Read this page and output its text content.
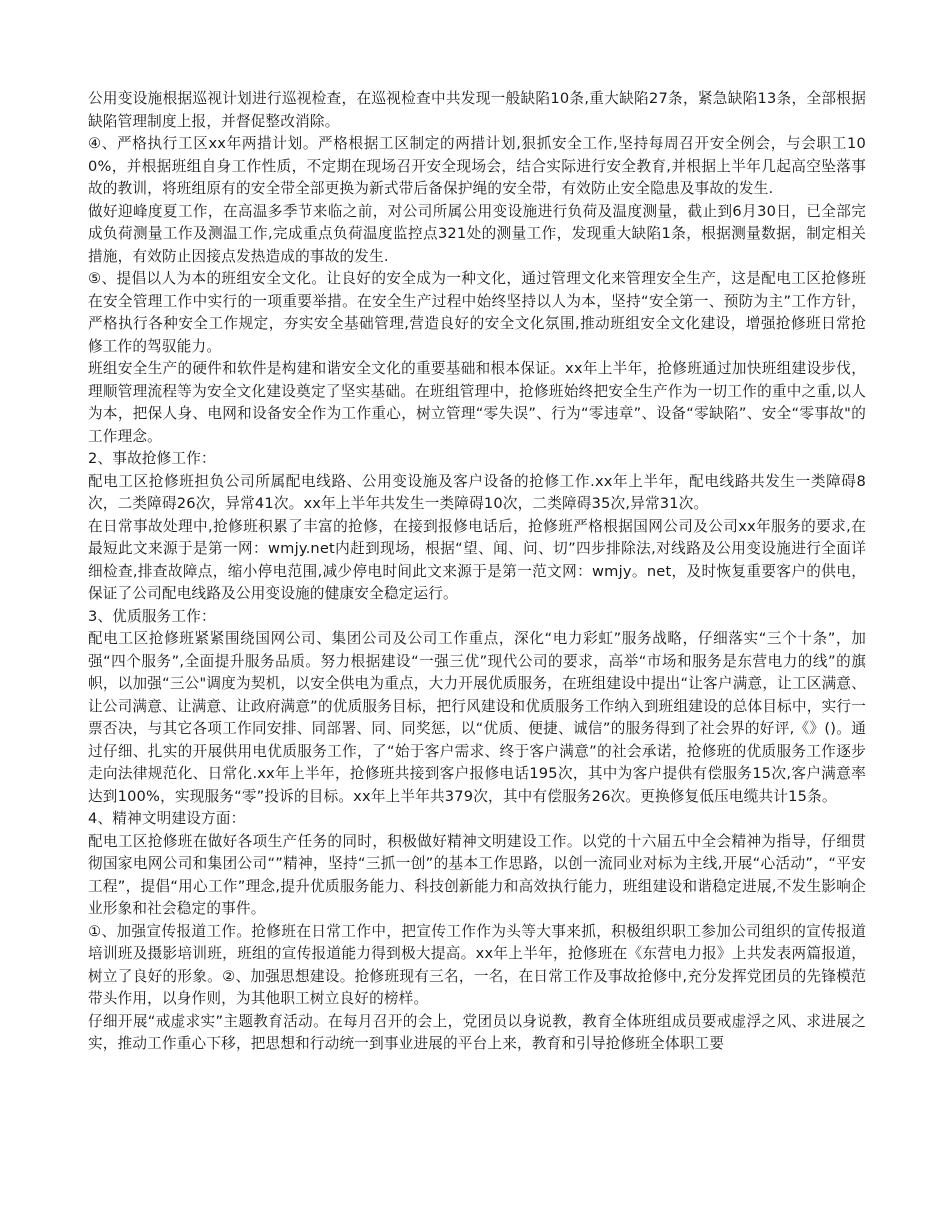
公用变设施根据巡视计划进行巡视检查，在巡视检查中共发现一般缺陷10条,重大缺陷27条，紧急缺陷13条，全部根据缺陷管理制度上报，并督促整改消除。

④、严格执行工区xx年两措计划。严格根据工区制定的两措计划,狠抓安全工作,坚持每周召开安全例会，与会职工100%，并根据班组自身工作性质，不定期在现场召开安全现场会，结合实际进行安全教育,并根据上半年几起高空坠落事故的教训，将班组原有的安全带全部更换为新式带后备保护绳的安全带，有效防止安全隐患及事故的发生.

做好迎峰度夏工作，在高温多季节来临之前，对公司所属公用变设施进行负荷及温度测量，截止到6月30日，已全部完成负荷测量工作及测温工作,完成重点负荷温度监控点321处的测量工作，发现重大缺陷1条，根据测量数据，制定相关措施，有效防止因接点发热造成的事故的发生.

⑤、提倡以人为本的班组安全文化。让良好的安全成为一种文化，通过管理文化来管理安全生产，这是配电工区抢修班在安全管理工作中实行的一项重要举措。在安全生产过程中始终坚持以人为本，坚持“安全第一、预防为主”工作方针，严格执行各种安全工作规定，夯实安全基础管理,营造良好的安全文化氛围,推动班组安全文化建设，增强抢修班日常抢修工作的驾驭能力。

班组安全生产的硬件和软件是构建和谐安全文化的重要基础和根本保证。xx年上半年，抢修班通过加快班组建设步伐，理顺管理流程等为安全文化建设奠定了坚实基础。在班组管理中，抢修班始终把安全生产作为一切工作的重中之重,以人为本，把保人身、电网和设备安全作为工作重心，树立管理“零失误”、行为“零违章”、设备“零缺陷”、安全“零事故"的工作理念。

2、事故抢修工作：

配电工区抢修班担负公司所属配电线路、公用变设施及客户设备的抢修工作.xx年上半年，配电线路共发生一类障碍8次，二类障碍26次，异常41次。xx年上半年共发生一类障碍10次，二类障碍35次,异常31次。

在日常事故处理中,抢修班积累了丰富的抢修，在接到报修电话后，抢修班严格根据国网公司及公司xx年服务的要求,在最短此文来源于是第一网：wmjy.net内赶到现场，根据“望、闻、问、切”四步排除法,对线路及公用变设施进行全面详细检查,排查故障点，缩小停电范围,减少停电时间此文来源于是第一范文网：wmjy。net，及时恢复重要客户的供电，保证了公司配电线路及公用变设施的健康安全稳定运行。

3、优质服务工作：

配电工区抢修班紧紧围绕国网公司、集团公司及公司工作重点，深化“电力彩虹”服务战略，仔细落实“三个十条”，加强“四个服务”,全面提升服务品质。努力根据建设“一强三优”现代公司的要求，高举“市场和服务是东营电力的线”的旗帜，以加强“三公"调度为契机，以安全供电为重点，大力开展优质服务，在班组建设中提出“让客户满意，让工区满意、让公司满意、让满意、让政府满意”的优质服务目标，把行风建设和优质服务工作纳入到班组建设的总体目标中，实行一票否决，与其它各项工作同安排、同部署、同、同奖惩，以“优质、便捷、诚信”的服务得到了社会界的好评,《》()。通过仔细、扎实的开展供用电优质服务工作，了“始于客户需求、终于客户满意”的社会承诺，抢修班的优质服务工作逐步走向法律规范化、日常化.xx年上半年，抢修班共接到客户报修电话195次，其中为客户提供有偿服务15次,客户满意率达到100%，实现服务“零”投诉的目标。xx年上半年共379次，其中有偿服务26次。更换修复低压电缆共计15条。

4、精神文明建设方面：

配电工区抢修班在做好各项生产任务的同时，积极做好精神文明建设工作。以党的十六届五中全会精神为指导，仔细贯彻国家电网公司和集团公司“”精神，坚持“三抓一创”的基本工作思路，以创一流同业对标为主线,开展“心活动”，“平安工程”，提倡“用心工作”理念,提升优质服务能力、科技创新能力和高效执行能力，班组建设和谐稳定进展,不发生影响企业形象和社会稳定的事件。

①、加强宣传报道工作。抢修班在日常工作中，把宣传工作作为头等大事来抓，积极组织职工参加公司组织的宣传报道培训班及摄影培训班，班组的宣传报道能力得到极大提高。xx年上半年，抢修班在《东营电力报》上共发表两篇报道，树立了良好的形象。②、加强思想建设。抢修班现有三名，一名，在日常工作及事故抢修中,充分发挥党团员的先锋模范带头作用，以身作则，为其他职工树立良好的榜样。

仔细开展“戒虚求实”主题教育活动。在每月召开的会上，党团员以身说教，教育全体班组成员要戒虚浮之风、求进展之实，推动工作重心下移，把思想和行动统一到事业进展的平台上来，教育和引导抢修班全体职工要
